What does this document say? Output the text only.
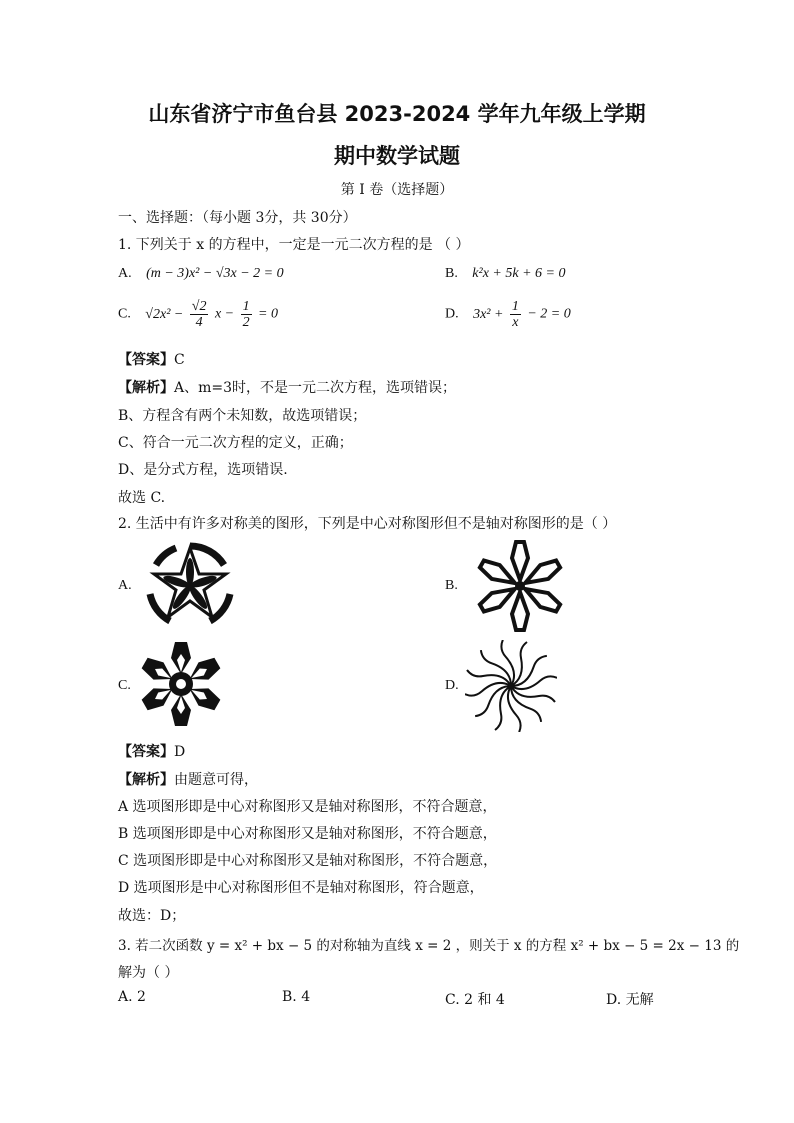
山东省济宁市鱼台县 2023-2024 学年九年级上学期
期中数学试题
第 I 卷（选择题）
一、选择题：（每小题 3分，共 30分）
1. 下列关于 x 的方程中，一定是一元二次方程的是 （ ）
A. (m − 3)x² − √3x − 2 = 0	B. k²x + 5k + 6 = 0
C. $√2x^2 - \frac{√2}{4}$ $x - \frac{1}{2} = 0$	D. $3x^2 + \frac{1}{x} - 2 = 0$
【答案】C
【解析】A、m=3时，不是一元二次方程，选项错误；
B、方程含有两个未知数，故选项错误；
C、符合一元二次方程的定义，正确；
D、是分式方程，选项错误.
故选 C.
2. 生活中有许多对称美的图形，下列是中心对称图形但不是轴对称图形的是（ ）
A.	B.
C.	D.
【答案】D
【解析】由题意可得，
A 选项图形即是中心对称图形又是轴对称图形，不符合题意，
B 选项图形即是中心对称图形又是轴对称图形，不符合题意，
C 选项图形即是中心对称图形又是轴对称图形，不符合题意，
D 选项图形是中心对称图形但不是轴对称图形，符合题意，
故选：D；
3. 若二次函数 y = x² + bx − 5 的对称轴为直线 x = 2 ，则关于 x 的方程 x² + bx − 5 = 2x − 13 的
解为（ ）
A. 2	B. 4	C. 2 和 4	D. 无解
